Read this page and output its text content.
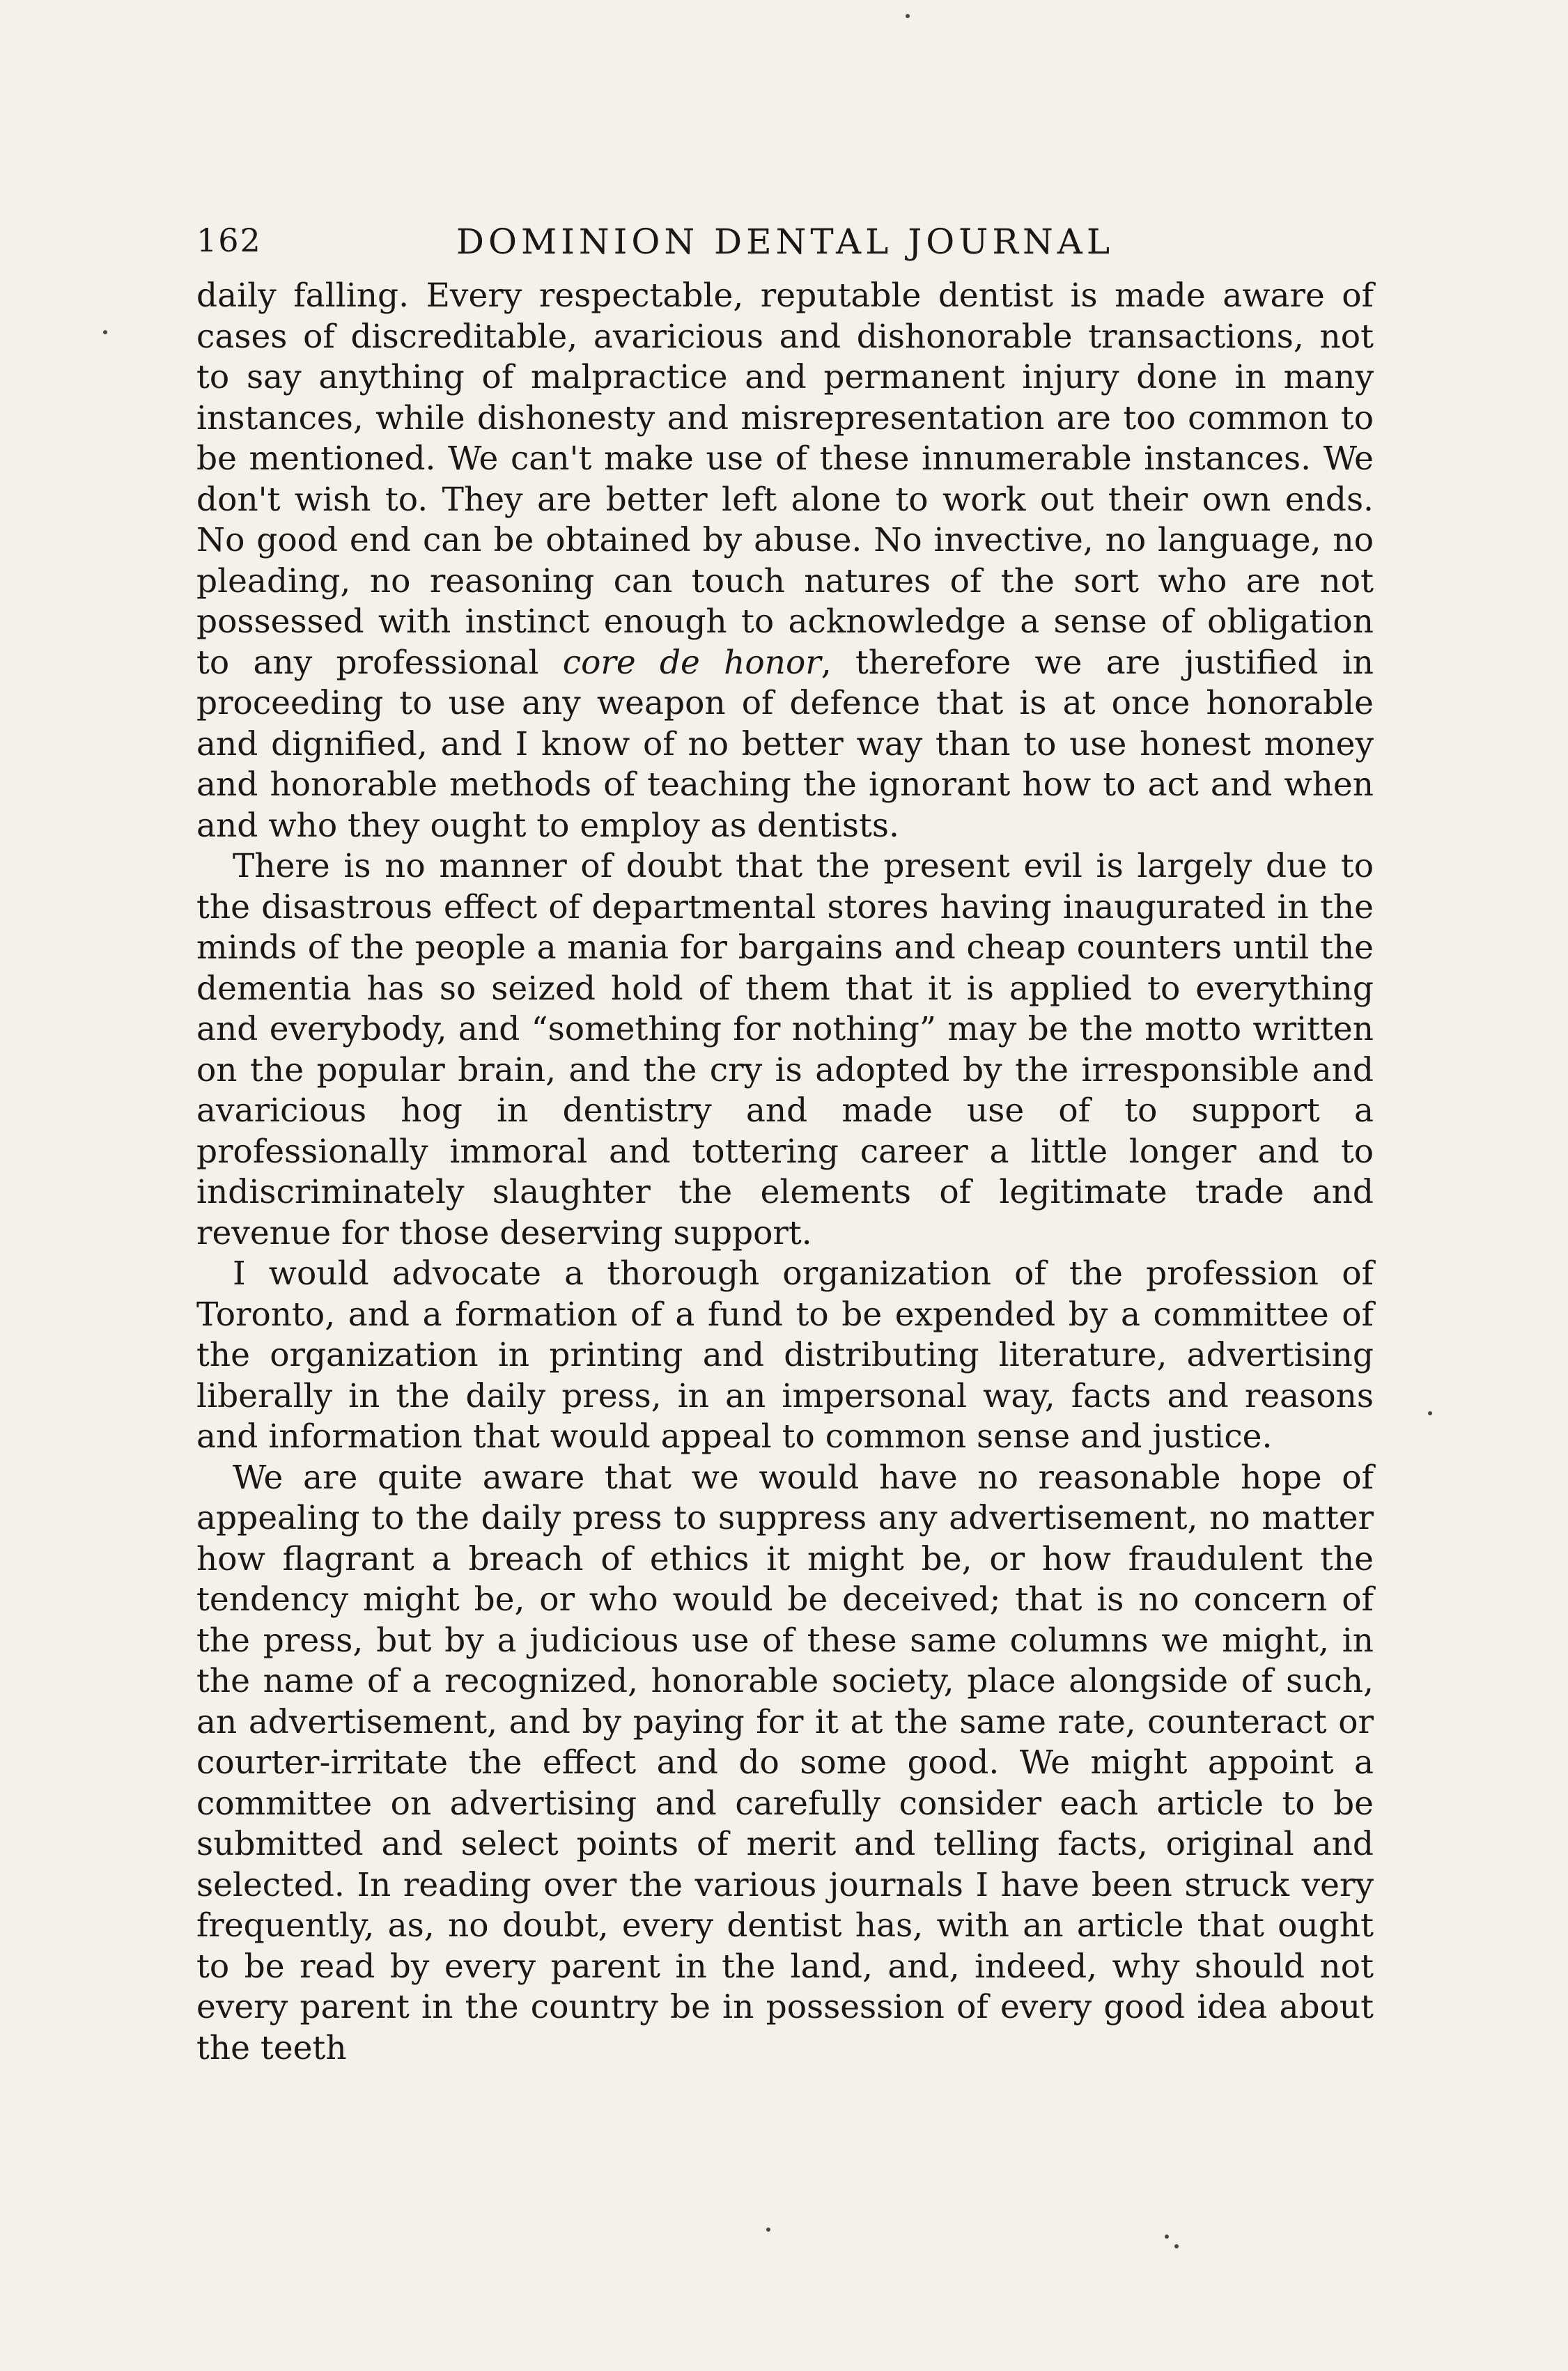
162	DOMINION DENTAL JOURNAL

daily falling. Every respectable, reputable dentist is made aware of cases of discreditable, avaricious and dishonorable transactions, not to say anything of malpractice and permanent injury done in many instances, while dishonesty and misrepresentation are too common to be mentioned. We can't make use of these innumerable instances. We don't wish to. They are better left alone to work out their own ends. No good end can be obtained by abuse. No invective, no language, no pleading, no reasoning can touch natures of the sort who are not possessed with instinct enough to acknowledge a sense of obligation to any professional core de honor, therefore we are justified in proceeding to use any weapon of defence that is at once honorable and dignified, and I know of no better way than to use honest money and honorable methods of teaching the ignorant how to act and when and who they ought to employ as dentists.

There is no manner of doubt that the present evil is largely due to the disastrous effect of departmental stores having inaugurated in the minds of the people a mania for bargains and cheap counters until the dementia has so seized hold of them that it is applied to everything and everybody, and “something for nothing” may be the motto written on the popular brain, and the cry is adopted by the irresponsible and avaricious hog in dentistry and made use of to support a professionally immoral and tottering career a little longer and to indiscriminately slaughter the elements of legitimate trade and revenue for those deserving support.

I would advocate a thorough organization of the profession of Toronto, and a formation of a fund to be expended by a committee of the organization in printing and distributing literature, advertising liberally in the daily press, in an impersonal way, facts and reasons and information that would appeal to common sense and justice.

We are quite aware that we would have no reasonable hope of appealing to the daily press to suppress any advertisement, no matter how flagrant a breach of ethics it might be, or how fraudulent the tendency might be, or who would be deceived; that is no concern of the press, but by a judicious use of these same columns we might, in the name of a recognized, honorable society, place alongside of such, an advertisement, and by paying for it at the same rate, counteract or courter-irritate the effect and do some good. We might appoint a committee on advertising and carefully consider each article to be submitted and select points of merit and telling facts, original and selected. In reading over the various journals I have been struck very frequently, as, no doubt, every dentist has, with an article that ought to be read by every parent in the land, and, indeed, why should not every parent in the country be in possession of every good idea about the teeth
